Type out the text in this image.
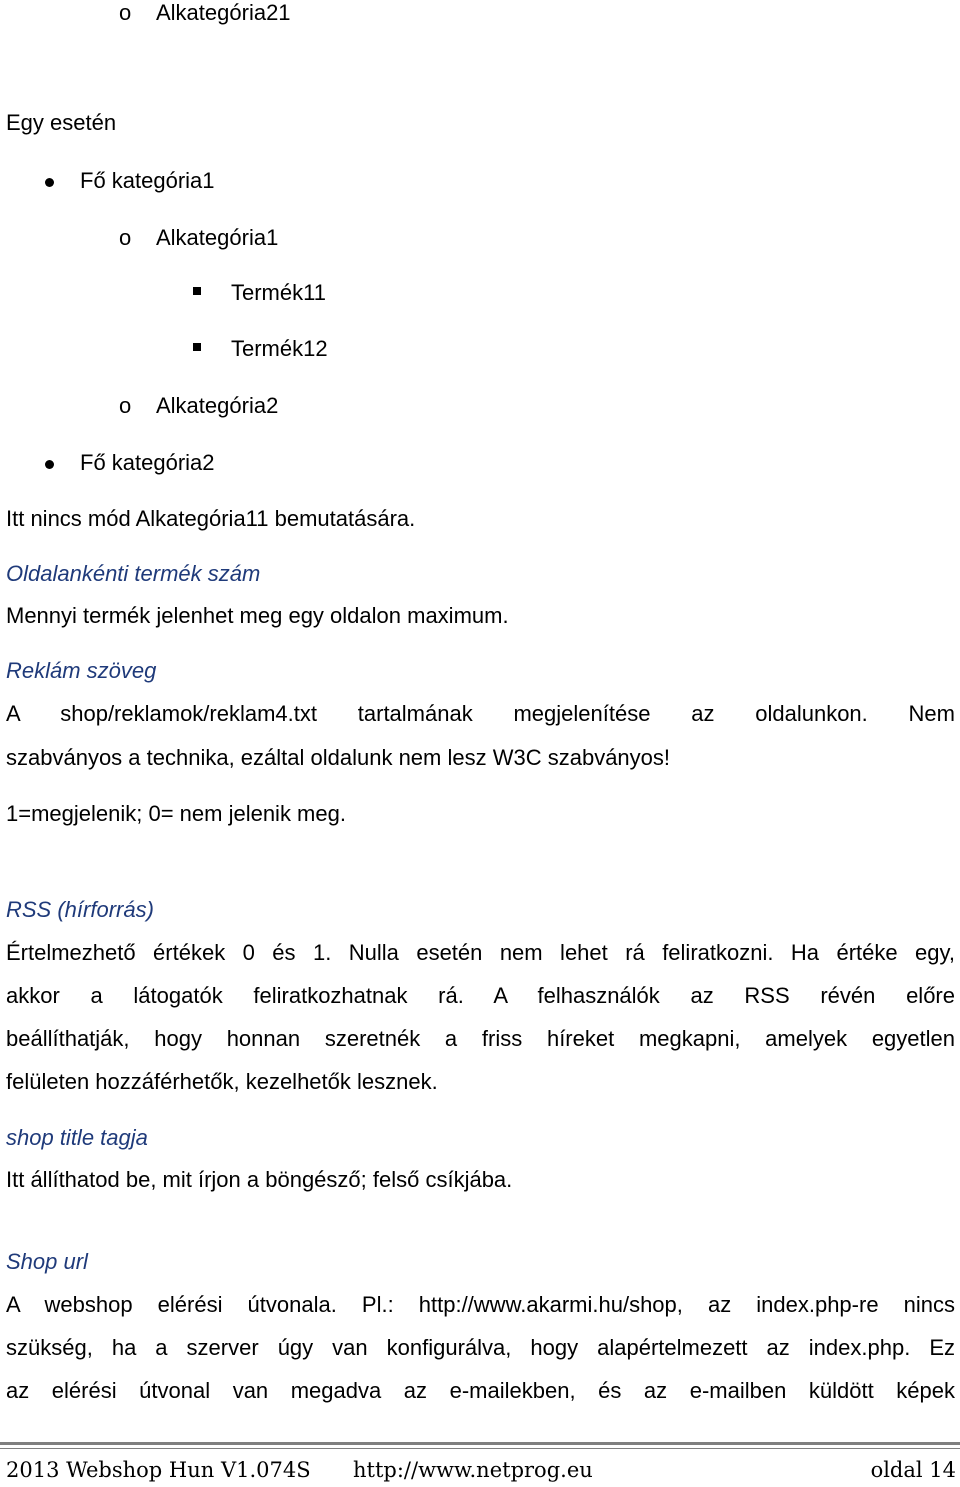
o Alkategória21
Egy esetén
Fő kategória1
o Alkategória1
Termék11
Termék12
o Alkategória2
Fő kategória2
Itt nincs mód Alkategória11 bemutatására.
Oldalankénti termék szám
Mennyi termék jelenhet meg egy oldalon maximum.
Reklám szöveg
A shop/reklamok/reklam4.txt tartalmának megjelenítése az oldalunkon. Nem
szabványos a technika, ezáltal oldalunk nem lesz W3C szabványos!
1=megjelenik; 0= nem jelenik meg.
RSS (hírforrás)
Értelmezhető értékek 0 és 1. Nulla esetén nem lehet rá feliratkozni. Ha értéke egy,
akkor a látogatók feliratkozhatnak rá. A felhasználók az RSS révén előre
beállíthatják, hogy honnan szeretnék a friss híreket megkapni, amelyek egyetlen
felületen hozzáférhetők, kezelhetők lesznek.
shop title tagja
Itt állíthatod be, mit írjon a böngésző; felső csíkjába.
Shop url
A webshop elérési útvonala. Pl.: http://www.akarmi.hu/shop, az index.php-re nincs
szükség, ha a szerver úgy van konfigurálva, hogy alapértelmezett az index.php. Ez
az elérési útvonal van megadva az e-mailekben, és az e-mailben küldött képek
2013 Webshop Hun V1.074S http://www.netprog.eu	oldal 14
